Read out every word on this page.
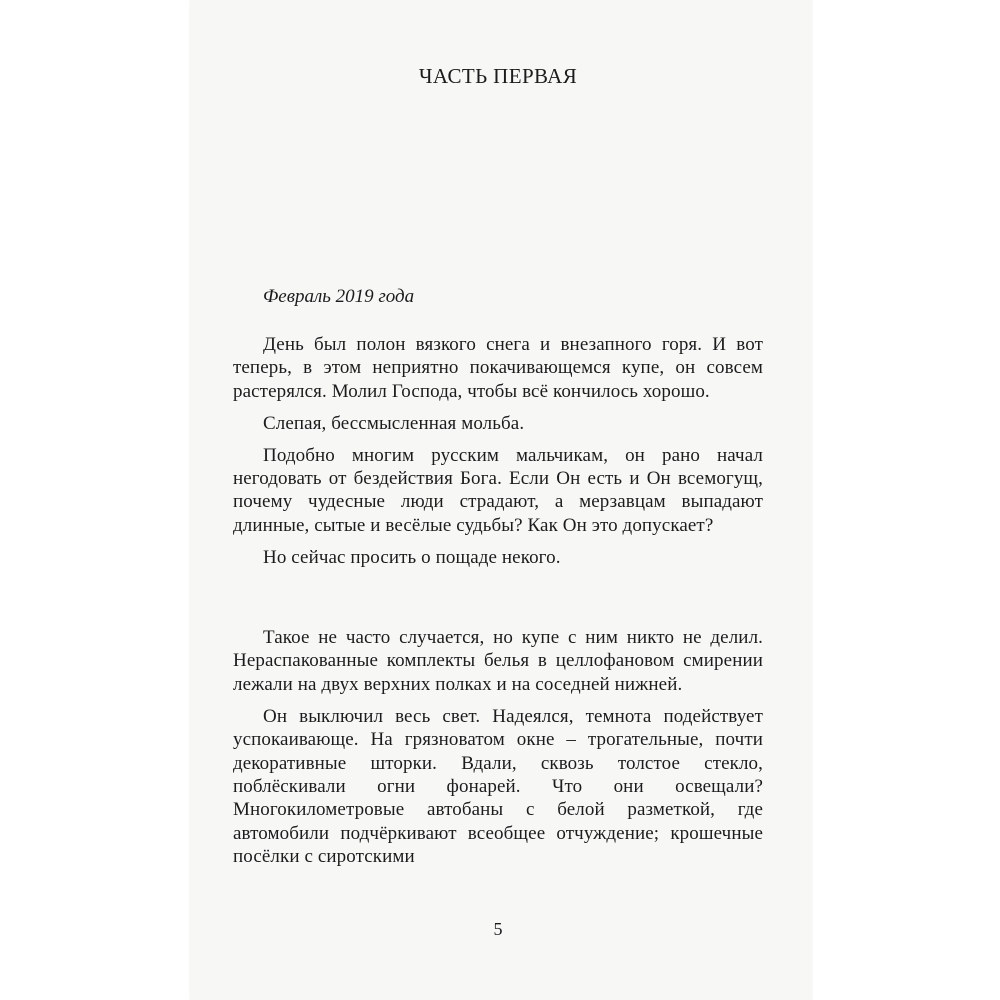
ЧАСТЬ ПЕРВАЯ
Февраль 2019 года

День был полон вязкого снега и внезапного горя. И вот теперь, в этом неприятно покачивающемся купе, он совсем растерялся. Молил Господа, чтобы всё кончилось хорошо.

Слепая, бессмысленная мольба.

Подобно многим русским мальчикам, он рано начал негодовать от бездействия Бога. Если Он есть и Он всемогущ, почему чудесные люди страдают, а мерзавцам выпадают длинные, сытые и весёлые судьбы? Как Он это допускает?

Но сейчас просить о пощаде некого.

Такое не часто случается, но купе с ним никто не делил. Нераспакованные комплекты белья в целлофановом смирении лежали на двух верхних полках и на соседней нижней.

Он выключил весь свет. Надеялся, темнота подействует успокаивающе. На грязноватом окне – трогательные, почти декоративные шторки. Вдали, сквозь толстое стекло, поблёскивали огни фонарей. Что они освещали? Многокилометровые автобаны с белой разметкой, где автомобили подчёркивают всеобщее отчуждение; крошечные посёлки с сиротскими

5
